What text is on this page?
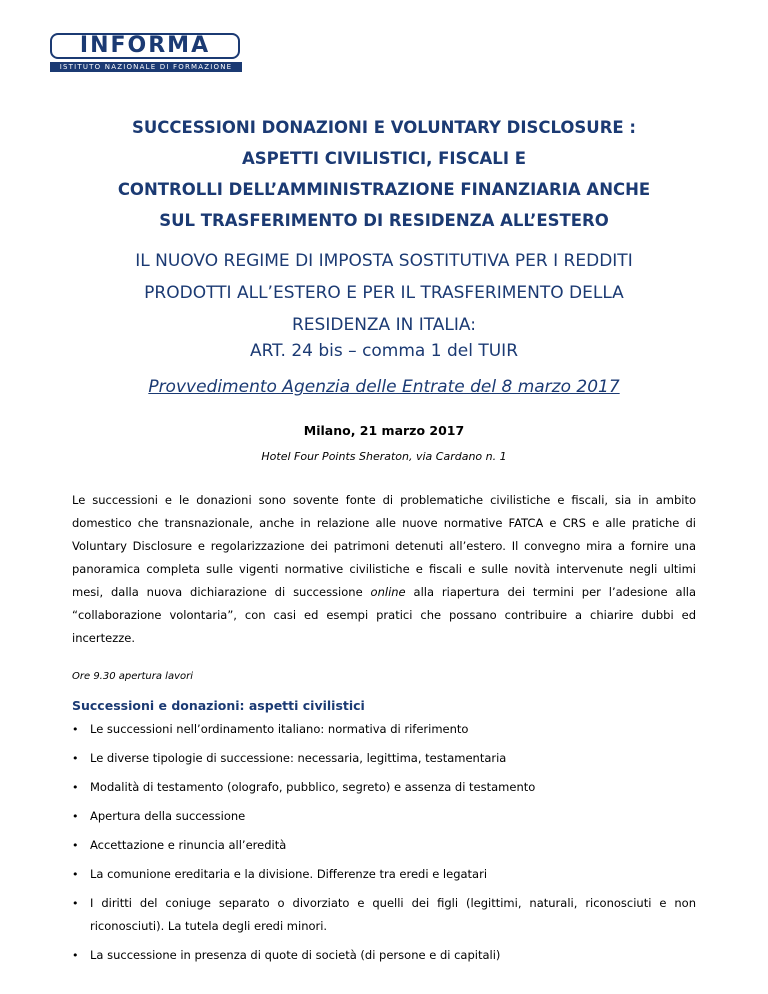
INFORMA
ISTITUTO NAZIONALE DI FORMAZIONE
SUCCESSIONI DONAZIONI E VOLUNTARY DISCLOSURE :
ASPETTI CIVILISTICI, FISCALI E
CONTROLLI DELL’AMMINISTRAZIONE FINANZIARIA ANCHE
SUL TRASFERIMENTO DI RESIDENZA ALL’ESTERO
IL NUOVO REGIME DI IMPOSTA SOSTITUTIVA PER I REDDITI
PRODOTTI ALL’ESTERO E PER IL TRASFERIMENTO DELLA
RESIDENZA IN ITALIA:

ART. 24 bis – comma 1 del TUIR

Provvedimento Agenzia delle Entrate del 8 marzo 2017

Milano, 21 marzo 2017

Hotel Four Points Sheraton, via Cardano n. 1

Le successioni e le donazioni sono sovente fonte di problematiche civilistiche e fiscali, sia in ambito domestico che transnazionale, anche in relazione alle nuove normative FATCA e CRS e alle pratiche di Voluntary Disclosure e regolarizzazione dei patrimoni detenuti all’estero. Il convegno mira a fornire una panoramica completa sulle vigenti normative civilistiche e fiscali e sulle novità intervenute negli ultimi mesi, dalla nuova dichiarazione di successione online alla riapertura dei termini per l’adesione alla “collaborazione volontaria”, con casi ed esempi pratici che possano contribuire a chiarire dubbi ed incertezze.

Ore 9.30 apertura lavori

Successioni e donazioni: aspetti civilistici

• Le successioni nell’ordinamento italiano: normativa di riferimento
• Le diverse tipologie di successione: necessaria, legittima, testamentaria
• Modalità di testamento (olografo, pubblico, segreto) e assenza di testamento
• Apertura della successione
• Accettazione e rinuncia all’eredità
• La comunione ereditaria e la divisione. Differenze tra eredi e legatari
• I diritti del coniuge separato o divorziato e quelli dei figli (legittimi, naturali, riconosciuti e non riconosciuti). La tutela degli eredi minori.
• La successione in presenza di quote di società (di persone e di capitali)
